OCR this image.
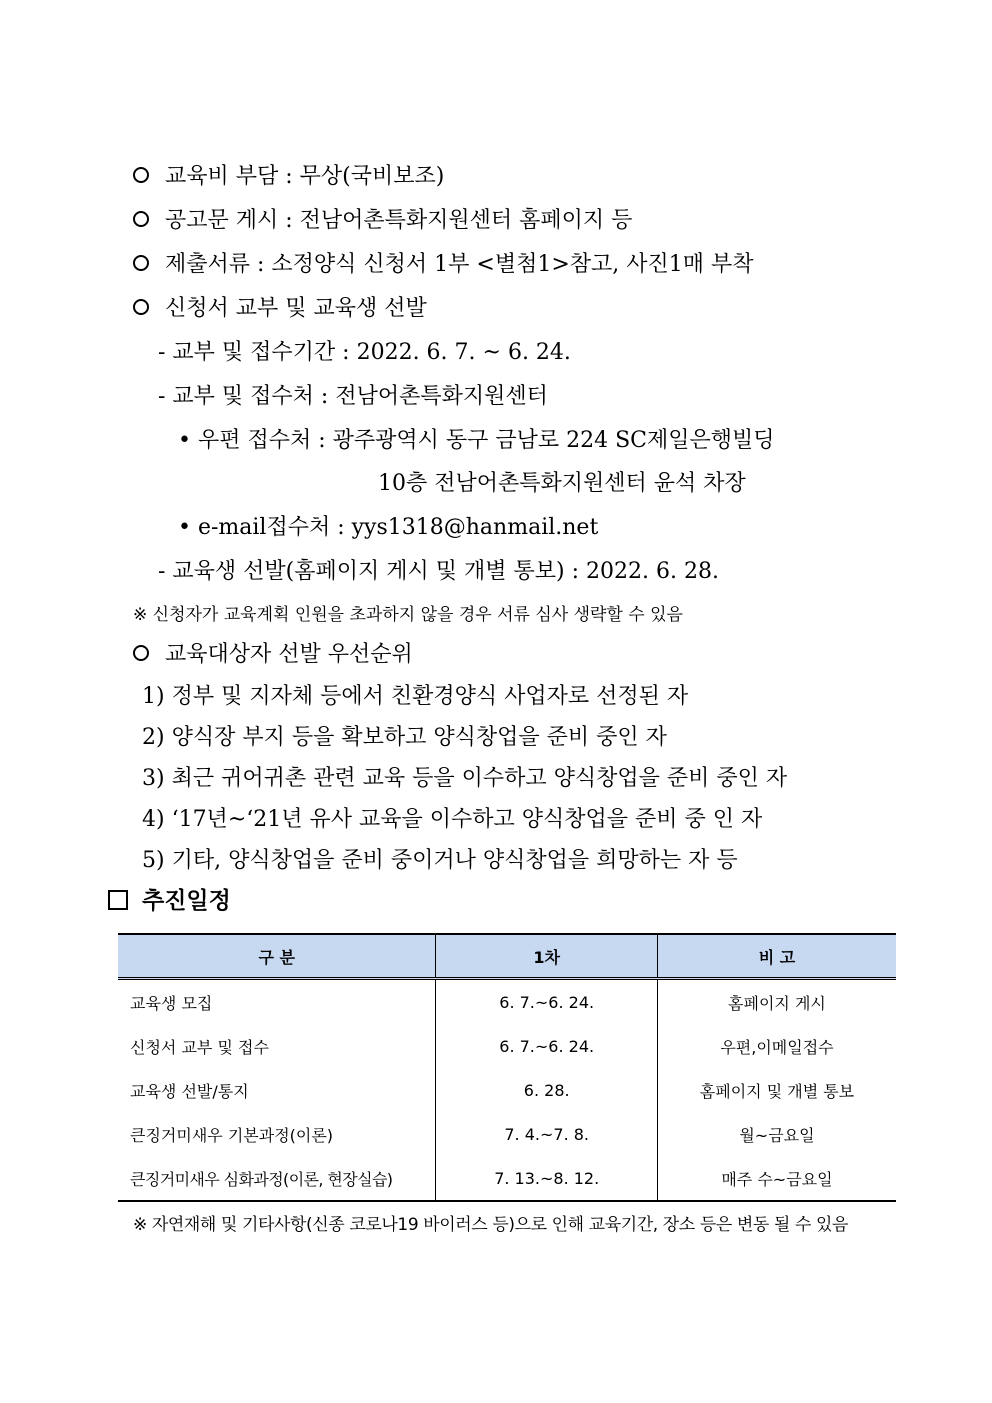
교육비 부담 : 무상(국비보조)
공고문 게시 : 전남어촌특화지원센터 홈페이지 등
제출서류 : 소정양식 신청서 1부 <별첨1>참고, 사진1매 부착
신청서 교부 및 교육생 선발
- 교부 및 접수기간 : 2022. 6. 7. ~ 6. 24.
- 교부 및 접수처 : 전남어촌특화지원센터
• 우편 접수처 : 광주광역시 동구 금남로 224 SC제일은행빌딩
10층 전남어촌특화지원센터 윤석 차장
• e-mail접수처 : yys1318@hanmail.net
- 교육생 선발(홈페이지 게시 및 개별 통보) : 2022. 6. 28.
※ 신청자가 교육계획 인원을 초과하지 않을 경우 서류 심사 생략할 수 있음
교육대상자 선발 우선순위
1) 정부 및 지자체 등에서 친환경양식 사업자로 선정된 자
2) 양식장 부지 등을 확보하고 양식창업을 준비 중인 자
3) 최근 귀어귀촌 관련 교육 등을 이수하고 양식창업을 준비 중인 자
4) ‘17년~‘21년 유사 교육을 이수하고 양식창업을 준비 중 인 자
5) 기타, 양식창업을 준비 중이거나 양식창업을 희망하는 자 등
추진일정
구 분	1차	비 고
교육생 모집	6. 7.~6. 24.	홈페이지 게시
신청서 교부 및 접수	6. 7.~6. 24.	우편,이메일접수
교육생 선발/통지	6. 28.	홈페이지 및 개별 통보
큰징거미새우 기본과정(이론)	7. 4.~7. 8.	월~금요일
큰징거미새우 심화과정(이론, 현장실습)	7. 13.~8. 12.	매주 수~금요일
※ 자연재해 및 기타사항(신종 코로나19 바이러스 등)으로 인해 교육기간, 장소 등은 변동 될 수 있음
